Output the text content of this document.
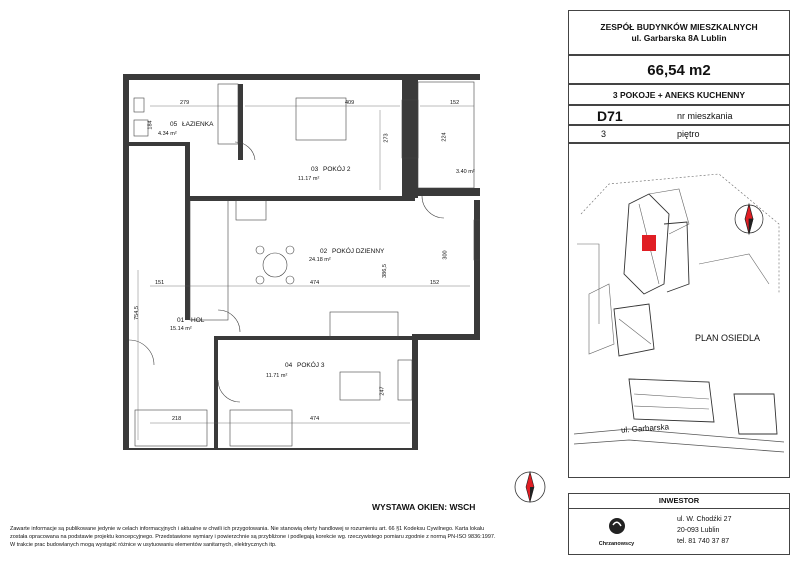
ZESPÓŁ BUDYNKÓW MIESZKALNYCH
ul. Garbarska 8A Lublin
66,54 m2
3 POKOJE + ANEKS KUCHENNY
D71	nr mieszkania
3	piętro
PLAN OSIEDLA
ul. Garbarska
INWESTOR
Chrzanowscy
ul. W. Chodźki 27
20-093 Lublin
tel. 81 740 37 87
WYSTAWA OKIEN: WSCH
Zawarte informacje są publikowane jedynie w celach informacyjnych i aktualne w chwili ich przygotowania. Nie stanowią oferty handlowej w rozumieniu art. 66 §1 Kodeksu Cywilnego. Karta lokalu
została opracowana na podstawie projektu koncepcyjnego. Przedstawione wymiary i powierzchnie są przybliżone i podlegają korekcie wg. rzeczywistego pomiaru zgodnie z normą PN-ISO 9836:1997.
W trakcie prac budowlanych mogą wystąpić różnice w usytuowaniu elementów sanitarnych, elektrycznych itp.
279	409	152
273	224
300
386,5
151	474	152
754,5
218	474
247
184	05 ŁAZIENKA
4.34 m²
03 POKÓJ 2
11.17 m²
02 POKÓJ DZIENNY
24.18 m²
01 HOL
15.14 m²
04 POKÓJ 3
11.71 m²
3.40 m²
